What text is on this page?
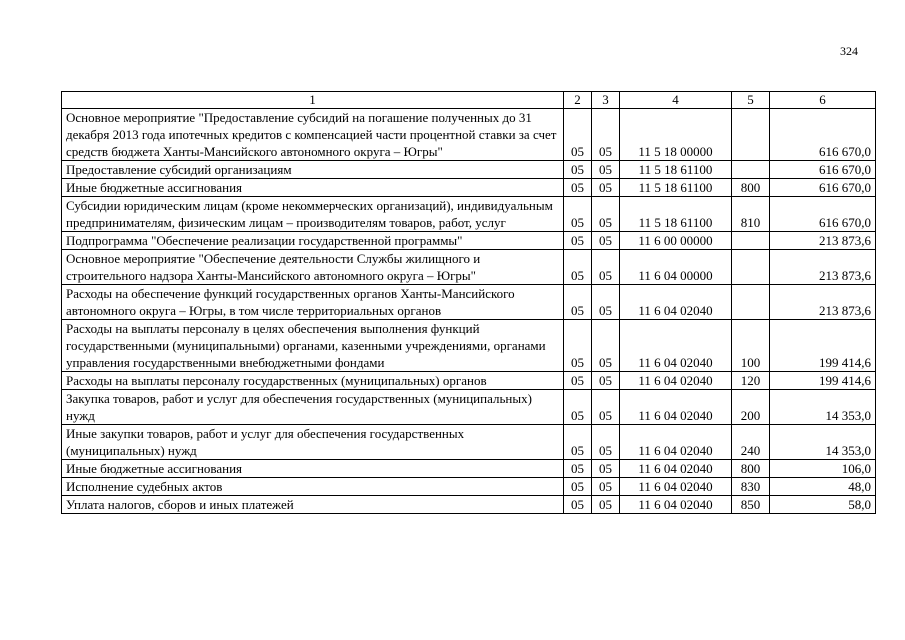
324
1	2	3	4	5	6
Основное мероприятие "Предоставление субсидий на погашение полученных до 31 декабря 2013 года ипотечных кредитов с компенсацией части процентной ставки за счет средств бюджета Ханты-Мансийского автономного округа – Югры"	05	05	11 5 18 00000		616 670,0
Предоставление субсидий организациям	05	05	11 5 18 61100		616 670,0
Иные бюджетные ассигнования	05	05	11 5 18 61100	800	616 670,0
Субсидии юридическим лицам (кроме некоммерческих организаций), индивидуальным предпринимателям, физическим лицам – производителям товаров, работ, услуг	05	05	11 5 18 61100	810	616 670,0
Подпрограмма "Обеспечение реализации государственной программы"	05	05	11 6 00 00000		213 873,6
Основное мероприятие "Обеспечение деятельности Службы жилищного и строительного надзора Ханты-Мансийского автономного округа – Югры"	05	05	11 6 04 00000		213 873,6
Расходы на обеспечение функций государственных органов Ханты-Мансийского автономного округа – Югры, в том числе территориальных органов	05	05	11 6 04 02040		213 873,6
Расходы на выплаты персоналу в целях обеспечения выполнения функций государственными (муниципальными) органами, казенными учреждениями, органами управления государственными внебюджетными фондами	05	05	11 6 04 02040	100	199 414,6
Расходы на выплаты персоналу государственных (муниципальных) органов	05	05	11 6 04 02040	120	199 414,6
Закупка товаров, работ и услуг для обеспечения государственных (муниципальных) нужд	05	05	11 6 04 02040	200	14 353,0
Иные закупки товаров, работ и услуг для обеспечения государственных (муниципальных) нужд	05	05	11 6 04 02040	240	14 353,0
Иные бюджетные ассигнования	05	05	11 6 04 02040	800	106,0
Исполнение судебных актов	05	05	11 6 04 02040	830	48,0
Уплата налогов, сборов и иных платежей	05	05	11 6 04 02040	850	58,0
